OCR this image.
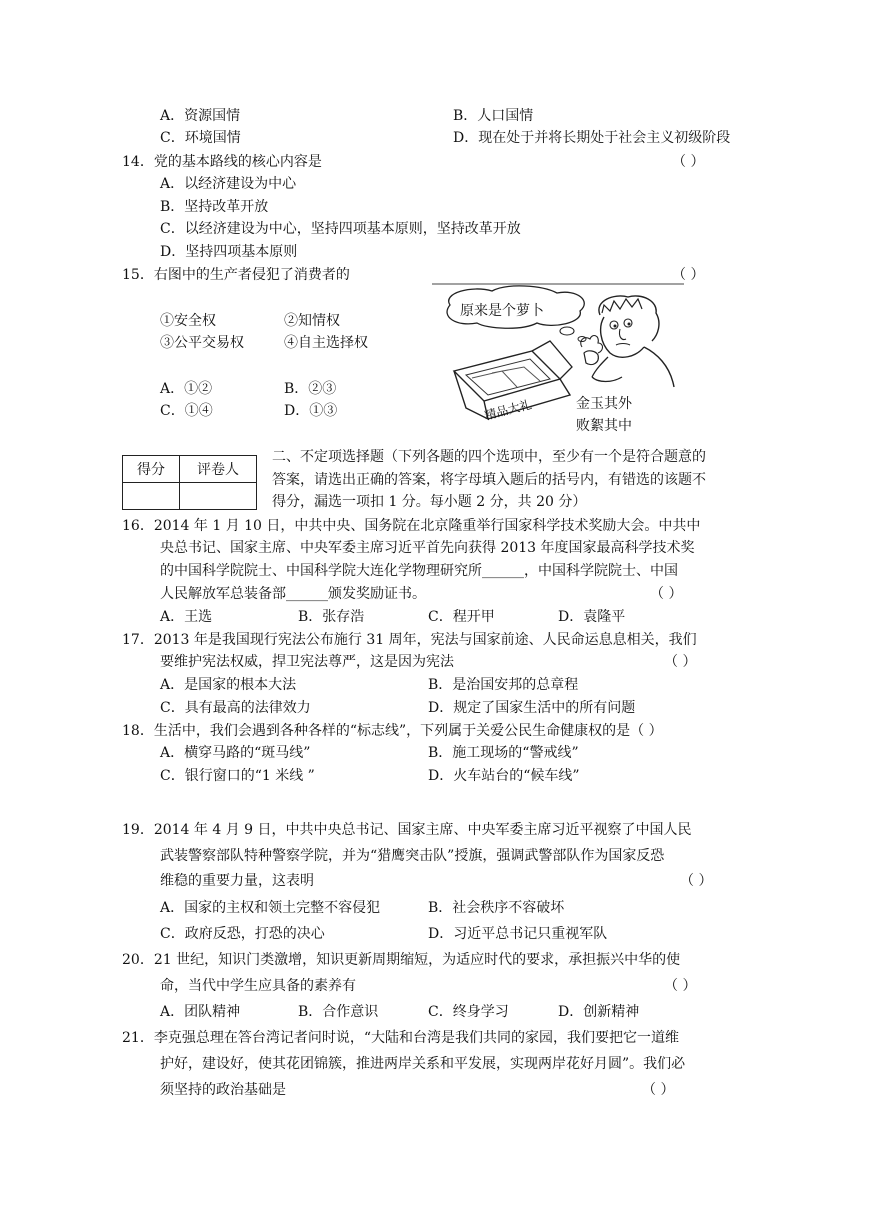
A．资源国情	B．人口国情
C．环境国情	D．现在处于并将长期处于社会主义初级阶段
14．党的基本路线的核心内容是	（ ）
A．以经济建设为中心
B．坚持改革开放
C．以经济建设为中心，坚持四项基本原则，坚持改革开放
D．坚持四项基本原则
15．右图中的生产者侵犯了消费者的	（ ）
①安全权	②知情权
③公平交易权	④自主选择权
A．①②	B．②③
C．①④	D．①③
原来是个萝卜
精品大礼	金玉其外
败絮其中
得分	评卷人

二、不定项选择题（下列各题的四个选项中，至少有一个是符合题意的
答案，请选出正确的答案，将字母填入题后的括号内，有错选的该题不
得分，漏选一项扣 1 分。每小题 2 分，共 20 分）
16．2014 年 1 月 10 日，中共中央、国务院在北京隆重举行国家科学技术奖励大会。中共中
央总书记、国家主席、中央军委主席习近平首先向获得 2013 年度国家最高科学技术奖
的中国科学院院士、中国科学院大连化学物理研究所______，中国科学院院士、中国
人民解放军总装备部______颁发奖励证书。	（ ）
A．王选	B．张存浩	C．程开甲	D．袁隆平
17．2013 年是我国现行宪法公布施行 31 周年，宪法与国家前途、人民命运息息相关，我们
要维护宪法权威，捍卫宪法尊严，这是因为宪法	（ ）
A．是国家的根本大法	B．是治国安邦的总章程
C．具有最高的法律效力	D．规定了国家生活中的所有问题
18．生活中，我们会遇到各种各样的“标志线”，下列属于关爱公民生命健康权的是（ ）
A．横穿马路的“斑马线”	B．施工现场的“警戒线”
C．银行窗口的“1 米线 ”	D．火车站台的“候车线”
19．2014 年 4 月 9 日，中共中央总书记、国家主席、中央军委主席习近平视察了中国人民
武装警察部队特种警察学院，并为“猎鹰突击队”授旗，强调武警部队作为国家反恐
维稳的重要力量，这表明	（ ）
A．国家的主权和领土完整不容侵犯	B．社会秩序不容破坏
C．政府反恐，打恐的决心	D．习近平总书记只重视军队
20．21 世纪，知识门类激增，知识更新周期缩短，为适应时代的要求，承担振兴中华的使
命，当代中学生应具备的素养有	（ ）
A．团队精神	B．合作意识	C．终身学习	D．创新精神
21．李克强总理在答台湾记者问时说，“大陆和台湾是我们共同的家园，我们要把它一道维
护好，建设好，使其花团锦簇，推进两岸关系和平发展，实现两岸花好月圆”。我们必
须坚持的政治基础是	（ ）
